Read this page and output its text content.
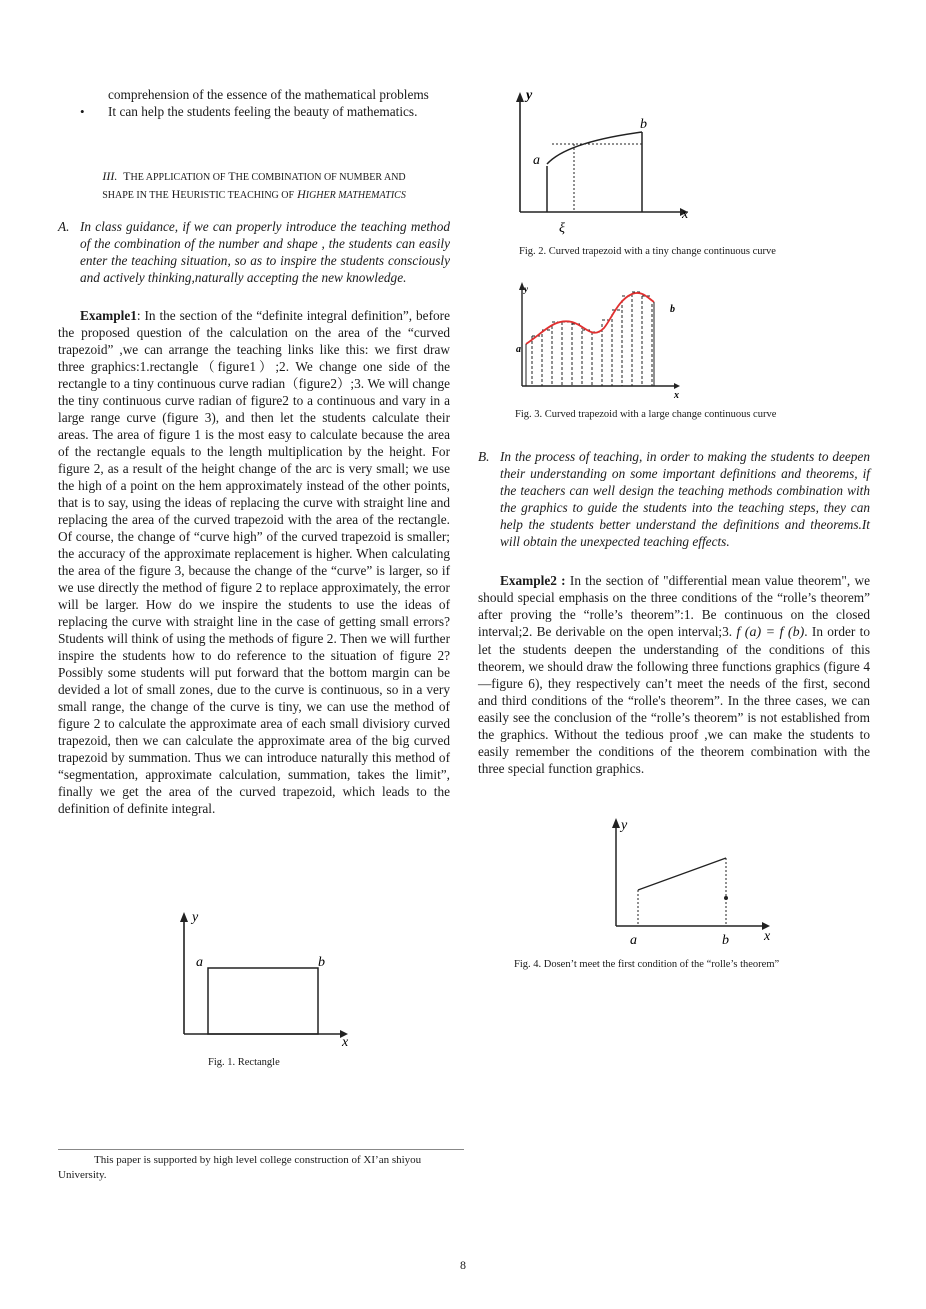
comprehension of the essence of the mathematical problems
• It can help the students feeling the beauty of mathematics.

III.  THE APPLICATION OF THE COMBINATION OF NUMBER AND
SHAPE IN THE HEURISTIC TEACHING OF HIGHER MATHEMATICS

A. In class guidance, if we can properly introduce the teaching method of the combination of the number and shape , the students can easily enter the teaching situation, so as to inspire the students consciously and actively thinking,naturally accepting the new knowledge.

Example1: In the section of the “definite integral definition”, before the proposed question of the calculation on the area of the “curved trapezoid” ,we can arrange the teaching links like this: we first draw three graphics:1.rectangle（figure1）;2. We change one side of the rectangle to a tiny continuous curve radian（figure2）;3. We will change the tiny continuous curve radian of figure2 to a continuous and vary in a large range curve (figure 3), and then let the students calculate their areas. The area of figure 1 is the most easy to calculate because the area of the rectangle equals to the length multiplication by the height. For figure 2, as a result of the height change of the arc is very small; we use the high of a point on the hem approximately instead of the other points, that is to say, using the ideas of replacing the curve with straight line and replacing the area of the curved trapezoid with the area of the rectangle. Of course, the change of “curve high” of the curved trapezoid is smaller; the accuracy of the approximate replacement is higher. When calculating the area of the figure 3, because the change of the “curve” is larger, so if we use directly the method of figure 2 to replace approximately, the error will be larger. How do we inspire the students to use the ideas of replacing the curve with straight line in the case of getting small errors? Students will think of using the methods of figure 2. Then we will further inspire the students how to do reference to the situation of figure 2? Possibly some students will put forward that the bottom margin can be devided a lot of small zones, due to the curve is continuous, so in a very small range, the change of the curve is tiny, we can use the method of figure 2 to calculate the approximate area of each small divisiory curved trapezoid, then we can calculate the approximate area of the big curved trapezoid by summation. Thus we can introduce naturally this method of “segmentation, approximate calculation, summation, takes the limit”, finally we get the area of the curved trapezoid, which leads to the definition of definite integral.

y
x
a	b
Fig. 1. Rectangle
y
x
a
b
ξ
Fig. 2. Curved trapezoid with a tiny change continuous curve
y
x
a
b
Fig. 3. Curved trapezoid with a large change continuous curve

B. In the process of teaching, in order to making the students to deepen their understanding on some important definitions and theorems, if the teachers can well design the teaching methods combination with the graphics to guide the students into the teaching steps, they can help the students better understand the definitions and theorems.It will obtain the unexpected teaching effects.

Example2 : In the section of "differential mean value theorem", we should special emphasis on the three conditions of the “rolle’s theorem” after proving the “rolle’s theorem”:1. Be continuous on the closed interval;2. Be derivable on the open interval;3. f (a) = f (b). In order to let the students deepen the understanding of the conditions of this theorem, we should draw the following three functions graphics (figure 4—figure 6), they respectively can’t meet the needs of the first, second and third conditions of the “rolle's theorem”. In the three cases, we can easily see the conclusion of the “rolle’s theorem” is not established from the graphics. Without the tedious proof ,we can make the students to easily remember the conditions of the theorem combination with the three special function graphics.

y
x
a	b
Fig. 4. Dosen’t meet the first condition of the “rolle’s theorem”
This paper is supported by high level college construction of XI’an shiyou University.
8
